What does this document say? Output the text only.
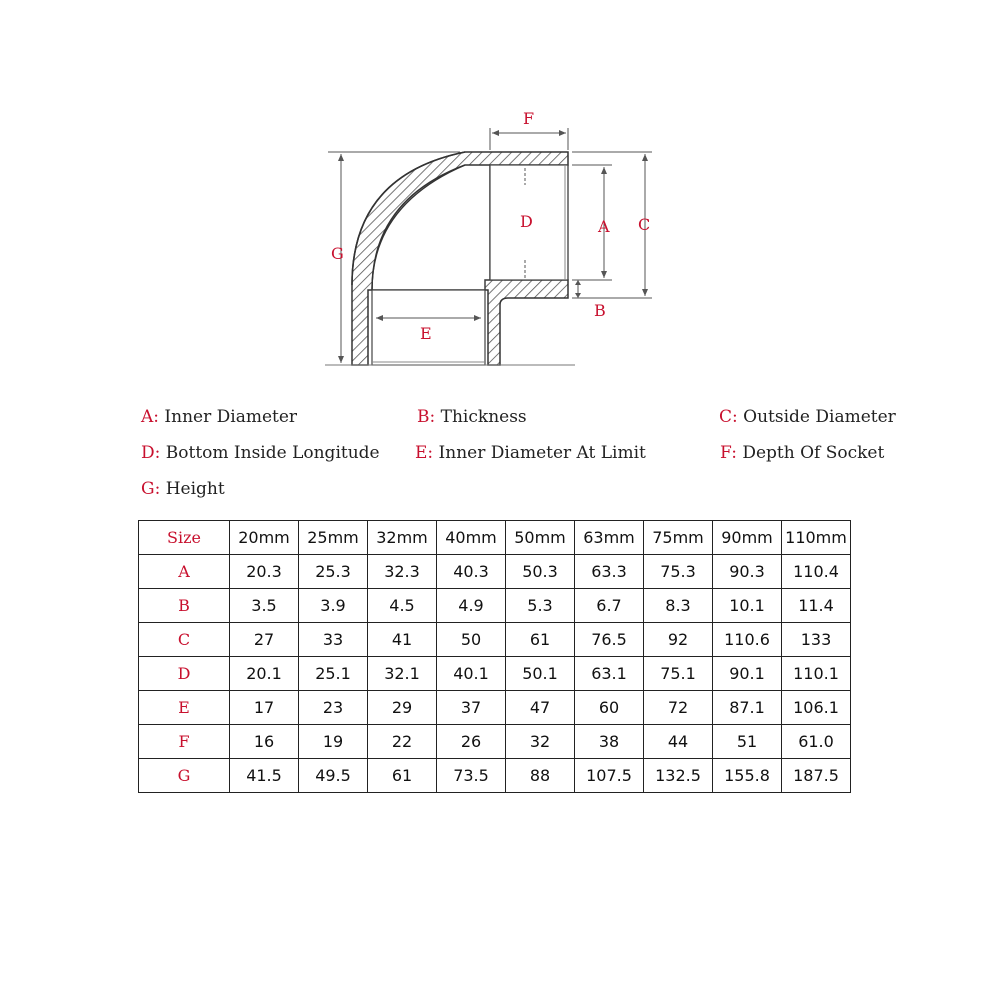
F
D	A C
B
G
E
A: Inner Diameter	B: Thickness	C: Outside Diameter
D: Bottom Inside Longitude E: Inner Diameter At Limit	F: Depth Of Socket
G: Height
Size	20mm	25mm	32mm	40mm	50mm	63mm	75mm	90mm	110mm
A	20.3	25.3	32.3	40.3	50.3	63.3	75.3	90.3	110.4
B	3.5	3.9	4.5	4.9	5.3	6.7	8.3	10.1	11.4
C	27	33	41	50	61	76.5	92	110.6	133
D	20.1	25.1	32.1	40.1	50.1	63.1	75.1	90.1	110.1
E	17	23	29	37	47	60	72	87.1	106.1
F	16	19	22	26	32	38	44	51	61.0
G	41.5	49.5	61	73.5	88	107.5	132.5	155.8	187.5
